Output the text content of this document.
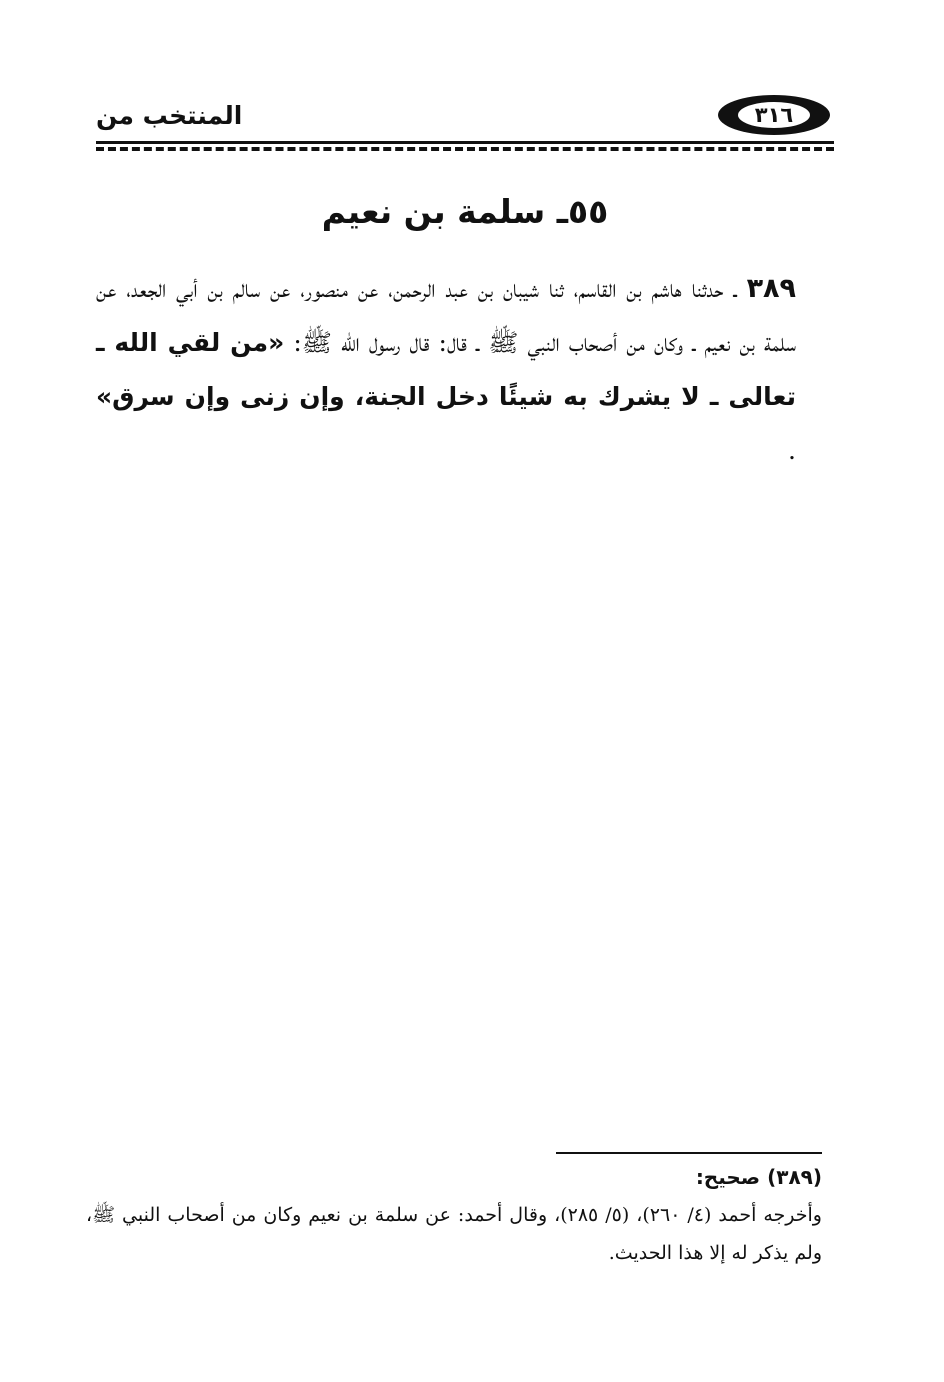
المنتخب من	٣١٦
٥٥ـ سلمة بن نعيم
٣٨٩ ـ حدثنا هاشم بن القاسم، ثنا شيبان بن عبد الرحمن، عن منصور، عن سالم بن أبي الجعد، عن سلمة بن نعيم ـ وكان من أصحاب النبي ﷺ ـ قال: قال رسول الله ﷺ: «من لقي الله ـ تعالى ـ لا يشرك به شيئًا دخل الجنة، وإن زنى وإن سرق» .
(٣٨٩) صحيح:
وأخرجه أحمد (٤/ ٢٦٠)، (٥/ ٢٨٥)، وقال أحمد: عن سلمة بن نعيم وكان من أصحاب النبي ﷺ، ولم يذكر له إلا هذا الحديث.
